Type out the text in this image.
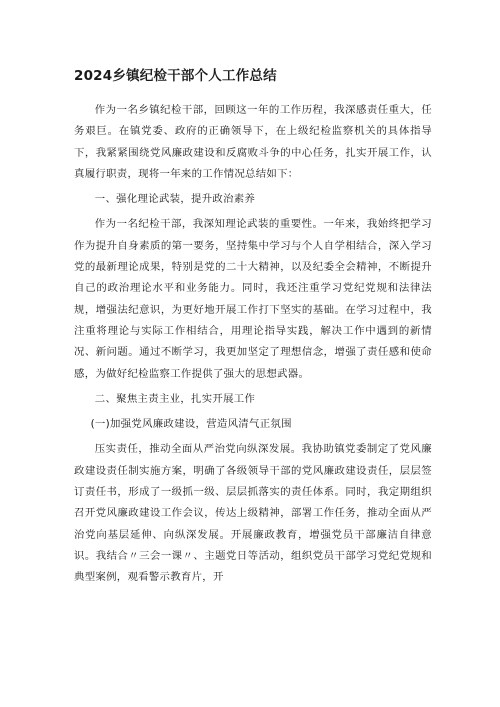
2024乡镇纪检干部个人工作总结

作为一名乡镇纪检干部，回顾这一年的工作历程，我深感责任重大，任务艰巨。在镇党委、政府的正确领导下，在上级纪检监察机关的具体指导下，我紧紧围绕党风廉政建设和反腐败斗争的中心任务，扎实开展工作，认真履行职责，现将一年来的工作情况总结如下：

一、强化理论武装，提升政治素养

作为一名纪检干部，我深知理论武装的重要性。一年来，我始终把学习作为提升自身素质的第一要务，坚持集中学习与个人自学相结合，深入学习党的最新理论成果，特别是党的二十大精神，以及纪委全会精神，不断提升自己的政治理论水平和业务能力。同时，我还注重学习党纪党规和法律法规，增强法纪意识，为更好地开展工作打下坚实的基础。在学习过程中，我注重将理论与实际工作相结合，用理论指导实践，解决工作中遇到的新情况、新问题。通过不断学习，我更加坚定了理想信念，增强了责任感和使命感，为做好纪检监察工作提供了强大的思想武器。

二、聚焦主责主业，扎实开展工作

(一)加强党风廉政建设，营造风清气正氛围

压实责任，推动全面从严治党向纵深发展。我协助镇党委制定了党风廉政建设责任制实施方案，明确了各级领导干部的党风廉政建设责任，层层签订责任书，形成了一级抓一级、层层抓落实的责任体系。同时，我定期组织召开党风廉政建设工作会议，传达上级精神，部署工作任务，推动全面从严治党向基层延伸、向纵深发展。开展廉政教育，增强党员干部廉洁自律意识。我结合〃三会一课〃、主题党日等活动，组织党员干部学习党纪党规和典型案例，观看警示教育片，开
